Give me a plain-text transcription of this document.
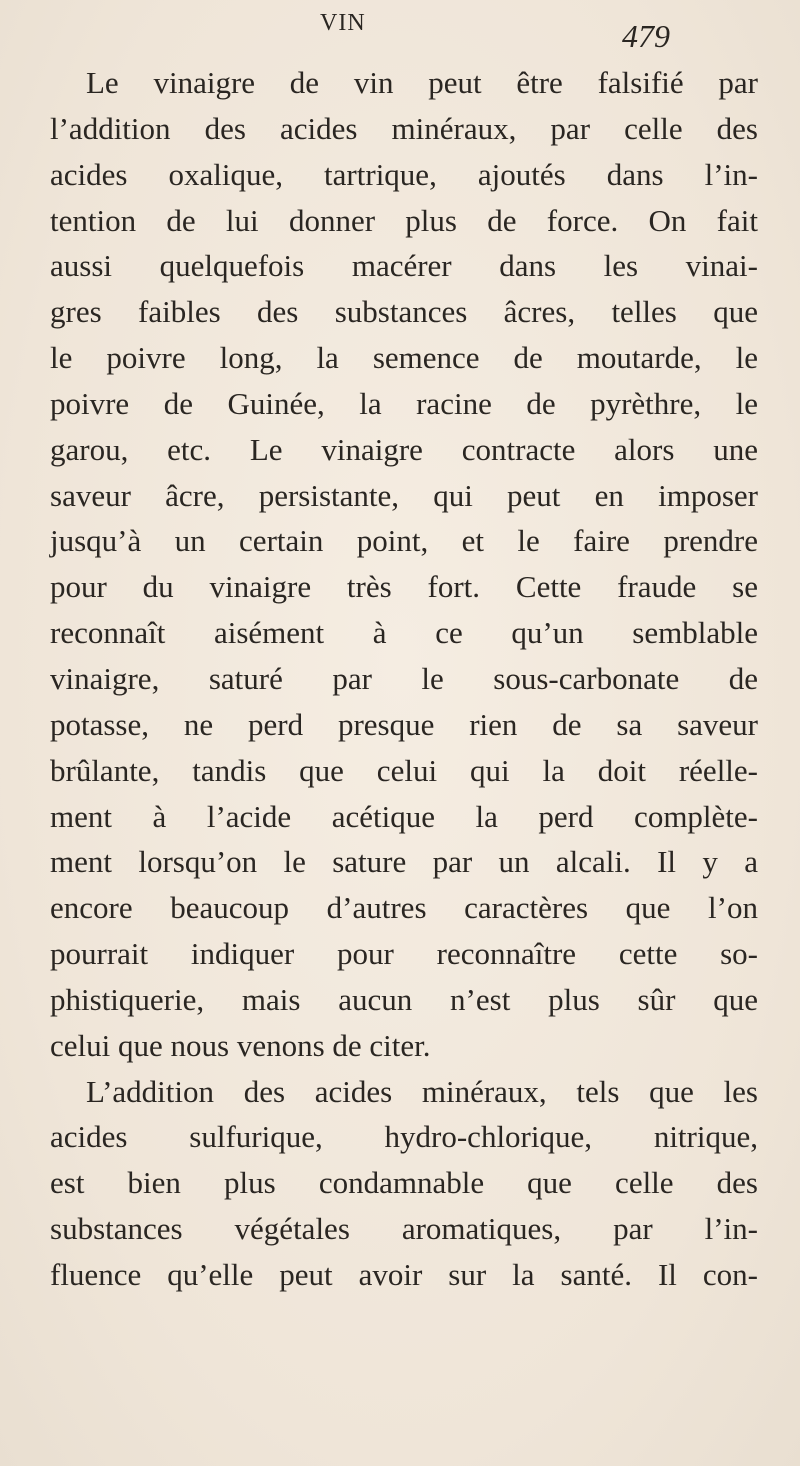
VIN	479
Le vinaigre de vin peut être falsifié par
l’addition des acides minéraux, par celle des
acides oxalique, tartrique, ajoutés dans l’in-
tention de lui donner plus de force. On fait
aussi quelquefois macérer dans les vinai-
gres faibles des substances âcres, telles que
le poivre long, la semence de moutarde, le
poivre de Guinée, la racine de pyrèthre, le
garou, etc. Le vinaigre contracte alors une
saveur âcre, persistante, qui peut en imposer
jusqu’à un certain point, et le faire prendre
pour du vinaigre très fort. Cette fraude se
reconnaît aisément à ce qu’un semblable
vinaigre, saturé par le sous-carbonate de
potasse, ne perd presque rien de sa saveur
brûlante, tandis que celui qui la doit réelle-
ment à l’acide acétique la perd complète-
ment lorsqu’on le sature par un alcali. Il y a
encore beaucoup d’autres caractères que l’on
pourrait indiquer pour reconnaître cette so-
phistiquerie, mais aucun n’est plus sûr que
celui que nous venons de citer.
L’addition des acides minéraux, tels que les
acides sulfurique, hydro-chlorique, nitrique,
est bien plus condamnable que celle des
substances végétales aromatiques, par l’in-
fluence qu’elle peut avoir sur la santé. Il con-
